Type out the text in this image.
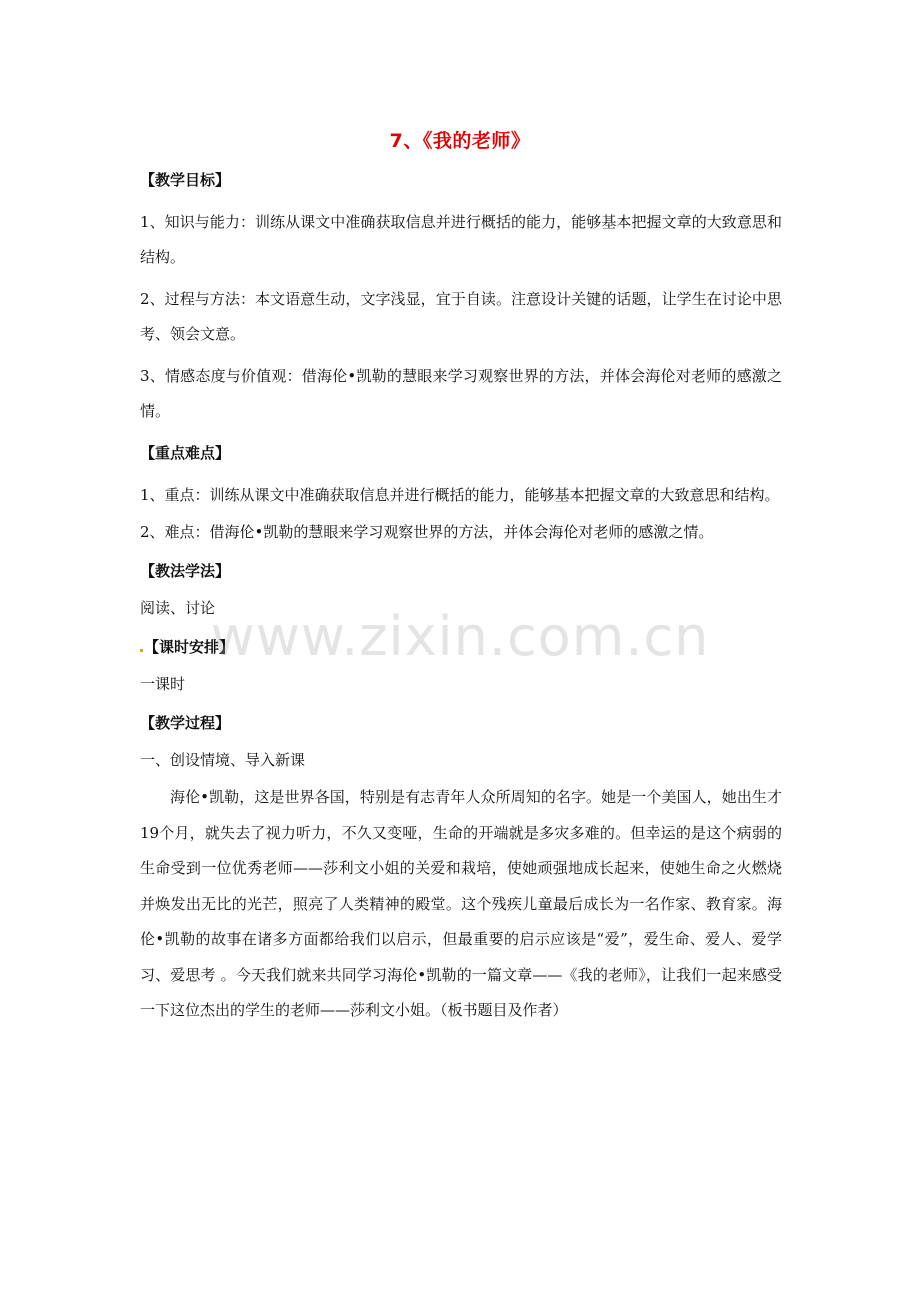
7、《我的老师》
【教学目标】
1、知识与能力：训练从课文中准确获取信息并进行概括的能力，能够基本把握文章的大致意思和结构。
2、过程与方法：本文语意生动，文字浅显，宜于自读。注意设计关键的话题，让学生在讨论中思考、领会文意。
3、情感态度与价值观：借海伦•凯勒的慧眼来学习观察世界的方法，并体会海伦对老师的感激之情。
【重点难点】
1、重点：训练从课文中准确获取信息并进行概括的能力，能够基本把握文章的大致意思和结构。
2、难点：借海伦•凯勒的慧眼来学习观察世界的方法，并体会海伦对老师的感激之情。
【教法学法】
阅读、讨论
【课时安排】
一课时
【教学过程】
一、创设情境、导入新课
海伦•凯勒，这是世界各国，特别是有志青年人众所周知的名字。她是一个美国人，她出生才19个月，就失去了视力听力，不久又变哑，生命的开端就是多灾多难的。但幸运的是这个病弱的生命受到一位优秀老师——莎利文小姐的关爱和栽培，使她顽强地成长起来，使她生命之火燃烧并焕发出无比的光芒，照亮了人类精神的殿堂。这个残疾儿童最后成长为一名作家、教育家。海伦•凯勒的故事在诸多方面都给我们以启示，但最重要的启示应该是“爱”，爱生命、爱人、爱学习、爱思考 。今天我们就来共同学习海伦•凯勒的一篇文章——《我的老师》，让我们一起来感受一下这位杰出的学生的老师——莎利文小姐。（板书题目及作者）
www.zixin.com.cn
